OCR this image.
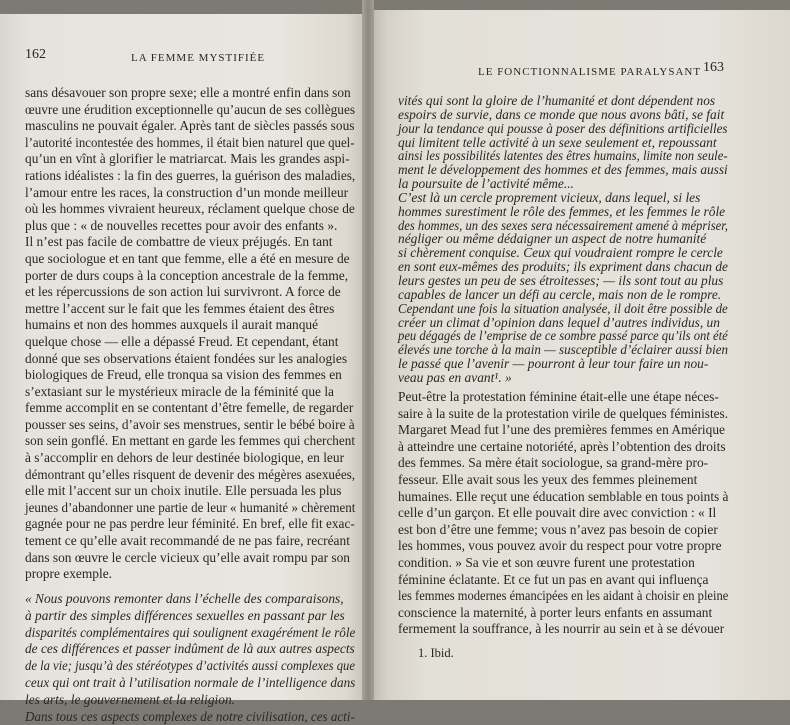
162	LA FEMME MYSTIFIÉE
sans désavouer son propre sexe; elle a montré enfin dans son
œuvre une érudition exceptionnelle qu’aucun de ses collègues
masculins ne pouvait égaler. Après tant de siècles passés sous
l’autorité incontestée des hommes, il était bien naturel que quel-
qu’un en vînt à glorifier le matriarcat. Mais les grandes aspi-
rations idéalistes : la fin des guerres, la guérison des maladies,
l’amour entre les races, la construction d’un monde meilleur
où les hommes vivraient heureux, réclament quelque chose de
plus que : « de nouvelles recettes pour avoir des enfants ».
Il n’est pas facile de combattre de vieux préjugés. En tant
que sociologue et en tant que femme, elle a été en mesure de
porter de durs coups à la conception ancestrale de la femme,
et les répercussions de son action lui survivront. A force de
mettre l’accent sur le fait que les femmes étaient des êtres
humains et non des hommes auxquels il aurait manqué
quelque chose — elle a dépassé Freud. Et cependant, étant
donné que ses observations étaient fondées sur les analogies
biologiques de Freud, elle tronqua sa vision des femmes en
s’extasiant sur le mystérieux miracle de la féminité que la
femme accomplit en se contentant d’être femelle, de regarder
pousser ses seins, d’avoir ses menstrues, sentir le bébé boire à
son sein gonflé. En mettant en garde les femmes qui cherchent
à s’accomplir en dehors de leur destinée biologique, en leur
démontrant qu’elles risquent de devenir des mégères asexuées,
elle mit l’accent sur un choix inutile. Elle persuada les plus
jeunes d’abandonner une partie de leur « humanité » chèrement
gagnée pour ne pas perdre leur féminité. En bref, elle fit exac-
tement ce qu’elle avait recommandé de ne pas faire, recréant
dans son œuvre le cercle vicieux qu’elle avait rompu par son
propre exemple.
« Nous pouvons remonter dans l’échelle des comparaisons,
à partir des simples différences sexuelles en passant par les
disparités complémentaires qui soulignent exagérément le rôle
de ces différences et passer indûment de là aux autres aspects
de la vie; jusqu’à des stéréotypes d’activités aussi complexes que
ceux qui ont trait à l’utilisation normale de l’intelligence dans
les arts, le gouvernement et la religion.
Dans tous ces aspects complexes de notre civilisation, ces acti-
LE FONCTIONNALISME PARALYSANT 163
vités qui sont la gloire de l’humanité et dont dépendent nos
espoirs de survie, dans ce monde que nous avons bâti, se fait
jour la tendance qui pousse à poser des définitions artificielles
qui limitent telle activité à un sexe seulement et, repoussant
ainsi les possibilités latentes des êtres humains, limite non seule-
ment le développement des hommes et des femmes, mais aussi
la poursuite de l’activité même...
C’est là un cercle proprement vicieux, dans lequel, si les
hommes surestiment le rôle des femmes, et les femmes le rôle
des hommes, un des sexes sera nécessairement amené à mépriser,
négliger ou même dédaigner un aspect de notre humanité
si chèrement conquise. Ceux qui voudraient rompre le cercle
en sont eux-mêmes des produits; ils expriment dans chacun de
leurs gestes un peu de ses étroitesses; — ils sont tout au plus
capables de lancer un défi au cercle, mais non de le rompre.
Cependant une fois la situation analysée, il doit être possible de
créer un climat d’opinion dans lequel d’autres individus, un
peu dégagés de l’emprise de ce sombre passé parce qu’ils ont été
élevés une torche à la main — susceptible d’éclairer aussi bien
le passé que l’avenir — pourront à leur tour faire un nou-
veau pas en avant¹. »
Peut-être la protestation féminine était-elle une étape néces-
saire à la suite de la protestation virile de quelques féministes.
Margaret Mead fut l’une des premières femmes en Amérique
à atteindre une certaine notoriété, après l’obtention des droits
des femmes. Sa mère était sociologue, sa grand-mère pro-
fesseur. Elle avait sous les yeux des femmes pleinement
humaines. Elle reçut une éducation semblable en tous points à
celle d’un garçon. Et elle pouvait dire avec conviction : « Il
est bon d’être une femme; vous n’avez pas besoin de copier
les hommes, vous pouvez avoir du respect pour votre propre
condition. » Sa vie et son œuvre furent une protestation
féminine éclatante. Et ce fut un pas en avant qui influença
les femmes modernes émancipées en les aidant à choisir en pleine
conscience la maternité, à porter leurs enfants en assumant
fermement la souffrance, à les nourrir au sein et à se dévouer
1. Ibid.
